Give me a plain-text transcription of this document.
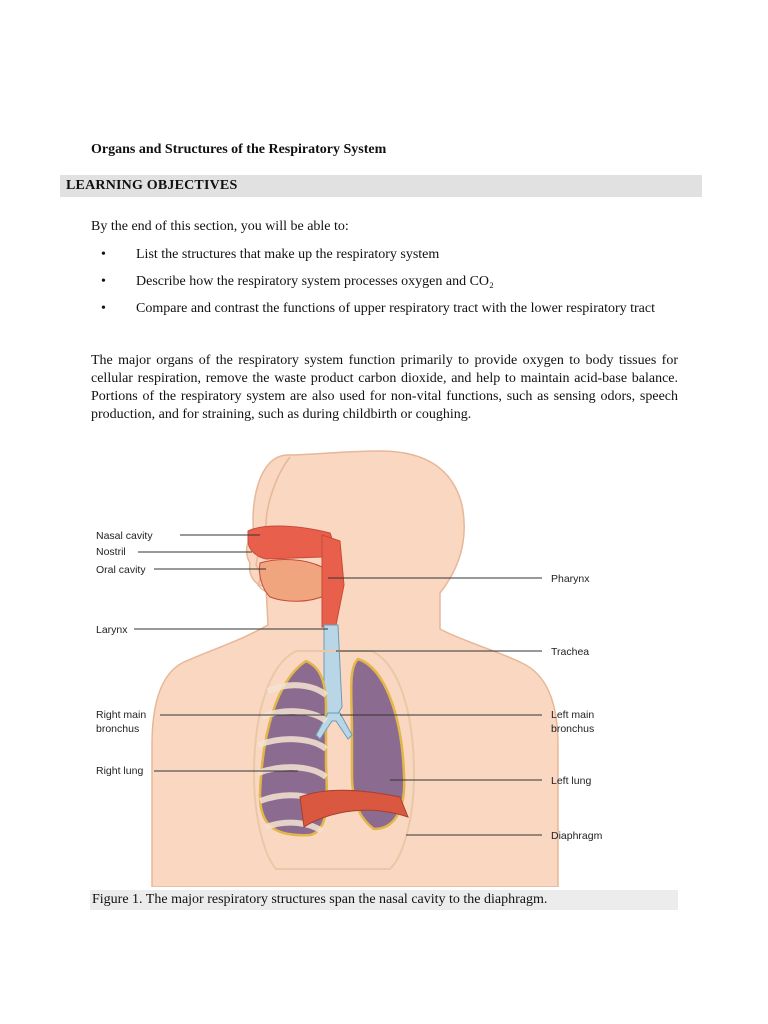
Organs and Structures of the Respiratory System
LEARNING OBJECTIVES

By the end of this section, you will be able to:

• List the structures that make up the respiratory system
• Describe how the respiratory system processes oxygen and CO₂
• Compare and contrast the functions of upper respiratory tract with the lower respiratory tract

The major organs of the respiratory system function primarily to provide oxygen to body tissues for cellular respiration, remove the waste product carbon dioxide, and help to maintain acid-base balance. Portions of the respiratory system are also used for non-vital functions, such as sensing odors, speech production, and for straining, such as during childbirth or coughing.

Nasal cavity
Nostril
Oral cavity
Larynx
Right main
bronchus
Right lung
Pharynx
Trachea
Left main
bronchus
Left lung
Diaphragm

Figure 1. The major respiratory structures span the nasal cavity to the diaphragm.
